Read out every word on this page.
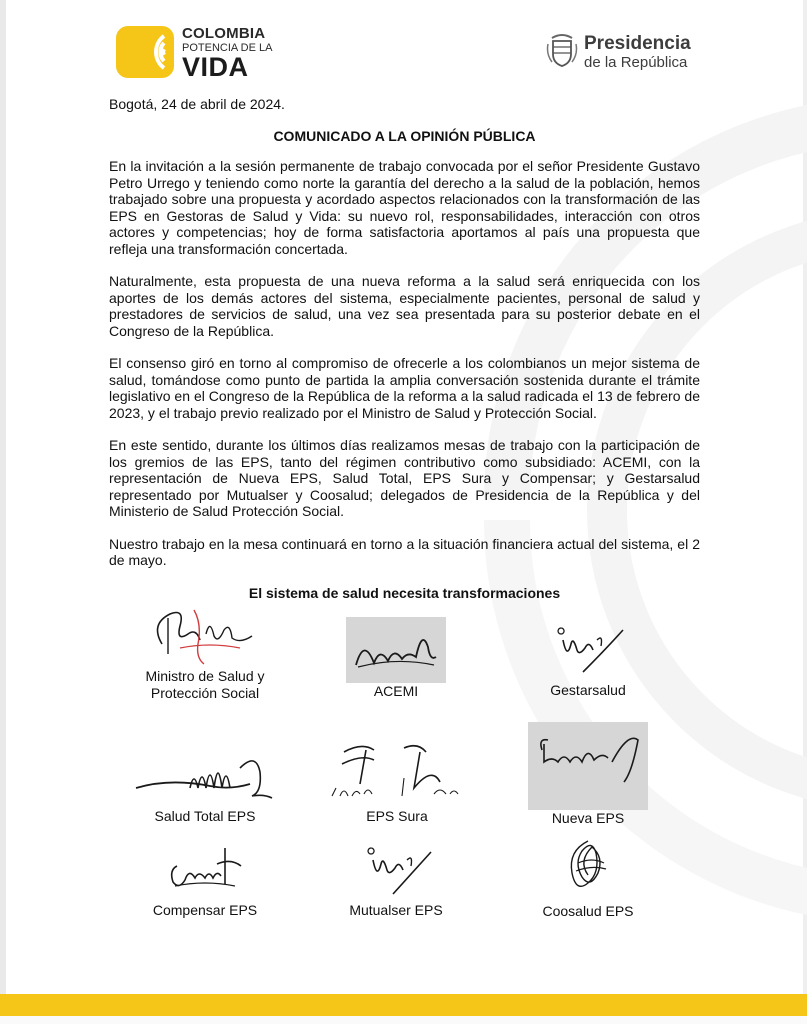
COLOMBIA
POTENCIA DE LA
VIDA
Presidencia
de la República

Bogotá, 24 de abril de 2024.

COMUNICADO A LA OPINIÓN PÚBLICA

En la invitación a la sesión permanente de trabajo convocada por el señor Presidente Gustavo Petro Urrego y teniendo como norte la garantía del derecho a la salud de la población, hemos trabajado sobre una propuesta y acordado aspectos relacionados con la transformación de las EPS en Gestoras de Salud y Vida: su nuevo rol, responsabilidades, interacción con otros actores y competencias; hoy de forma satisfactoria aportamos al país una propuesta que refleja una transformación concertada.

Naturalmente, esta propuesta de una nueva reforma a la salud será enriquecida con los aportes de los demás actores del sistema, especialmente pacientes, personal de salud y prestadores de servicios de salud, una vez sea presentada para su posterior debate en el Congreso de la República.

El consenso giró en torno al compromiso de ofrecerle a los colombianos un mejor sistema de salud, tomándose como punto de partida la amplia conversación sostenida durante el trámite legislativo en el Congreso de la República de la reforma a la salud radicada el 13 de febrero de 2023, y el trabajo previo realizado por el Ministro de Salud y Protección Social.

En este sentido, durante los últimos días realizamos mesas de trabajo con la participación de los gremios de las EPS, tanto del régimen contributivo como subsidiado: ACEMI, con la representación de Nueva EPS, Salud Total, EPS Sura y Compensar; y Gestarsalud representado por Mutualser y Coosalud; delegados de Presidencia de la República y del Ministerio de Salud Protección Social.

Nuestro trabajo en la mesa continuará en torno a la situación financiera actual del sistema, el 2 de mayo.

El sistema de salud necesita transformaciones

Ministro de Salud y
Protección Social	ACEMI	Gestarsalud
Salud Total EPS	EPS Sura	Nueva EPS
Compensar EPS	Mutualser EPS	Coosalud EPS
